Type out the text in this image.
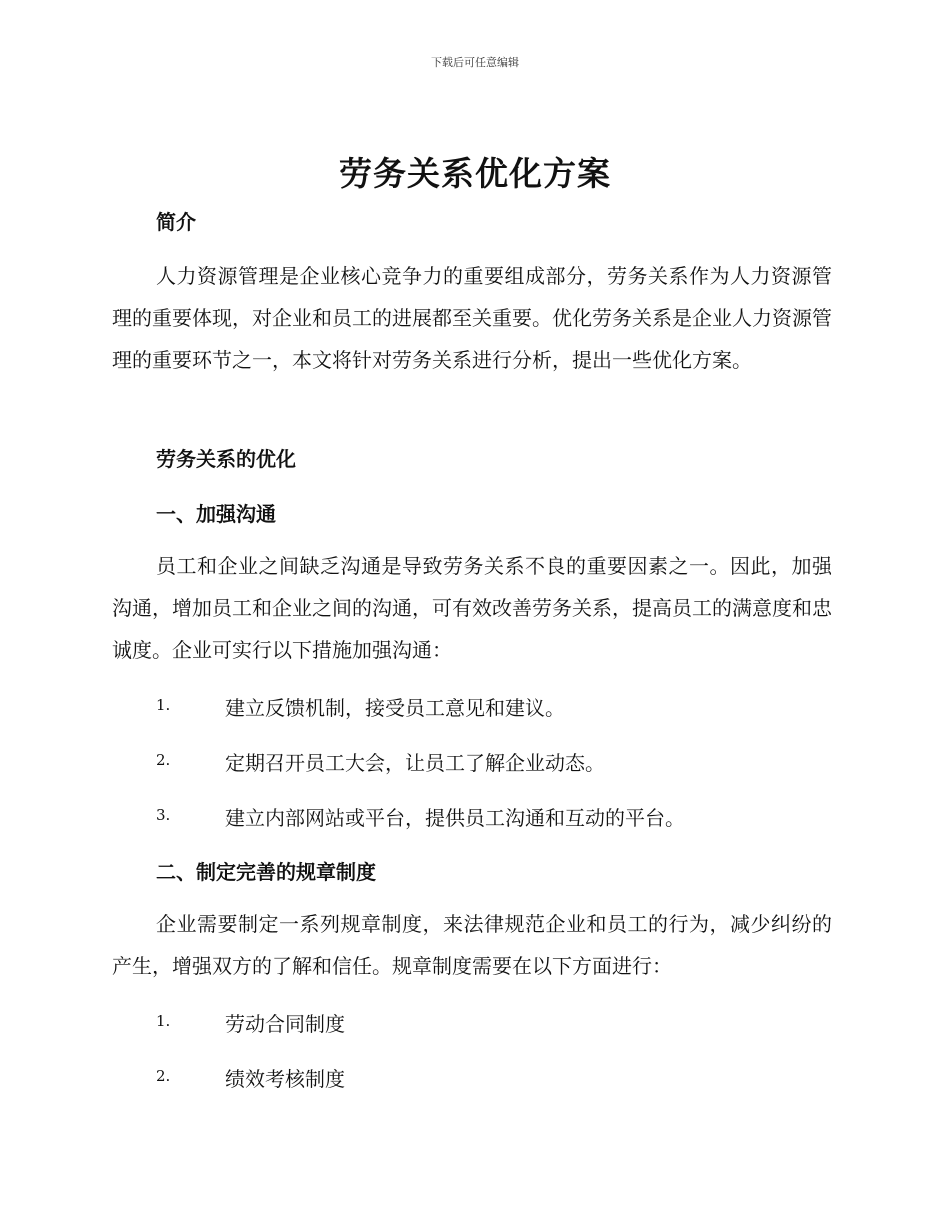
下载后可任意编辑
劳务关系优化方案
简介

人力资源管理是企业核心竞争力的重要组成部分，劳务关系作为人力资源管理的重要体现，对企业和员工的进展都至关重要。优化劳务关系是企业人力资源管理的重要环节之一，本文将针对劳务关系进行分析，提出一些优化方案。

劳务关系的优化
一、加强沟通

员工和企业之间缺乏沟通是导致劳务关系不良的重要因素之一。因此，加强沟通，增加员工和企业之间的沟通，可有效改善劳务关系，提高员工的满意度和忠诚度。企业可实行以下措施加强沟通：

1.	建立反馈机制，接受员工意见和建议。
2.	定期召开员工大会，让员工了解企业动态。
3.	建立内部网站或平台，提供员工沟通和互动的平台。
二、制定完善的规章制度

企业需要制定一系列规章制度，来法律规范企业和员工的行为，减少纠纷的产生，增强双方的了解和信任。规章制度需要在以下方面进行：

1.	劳动合同制度
2.	绩效考核制度
